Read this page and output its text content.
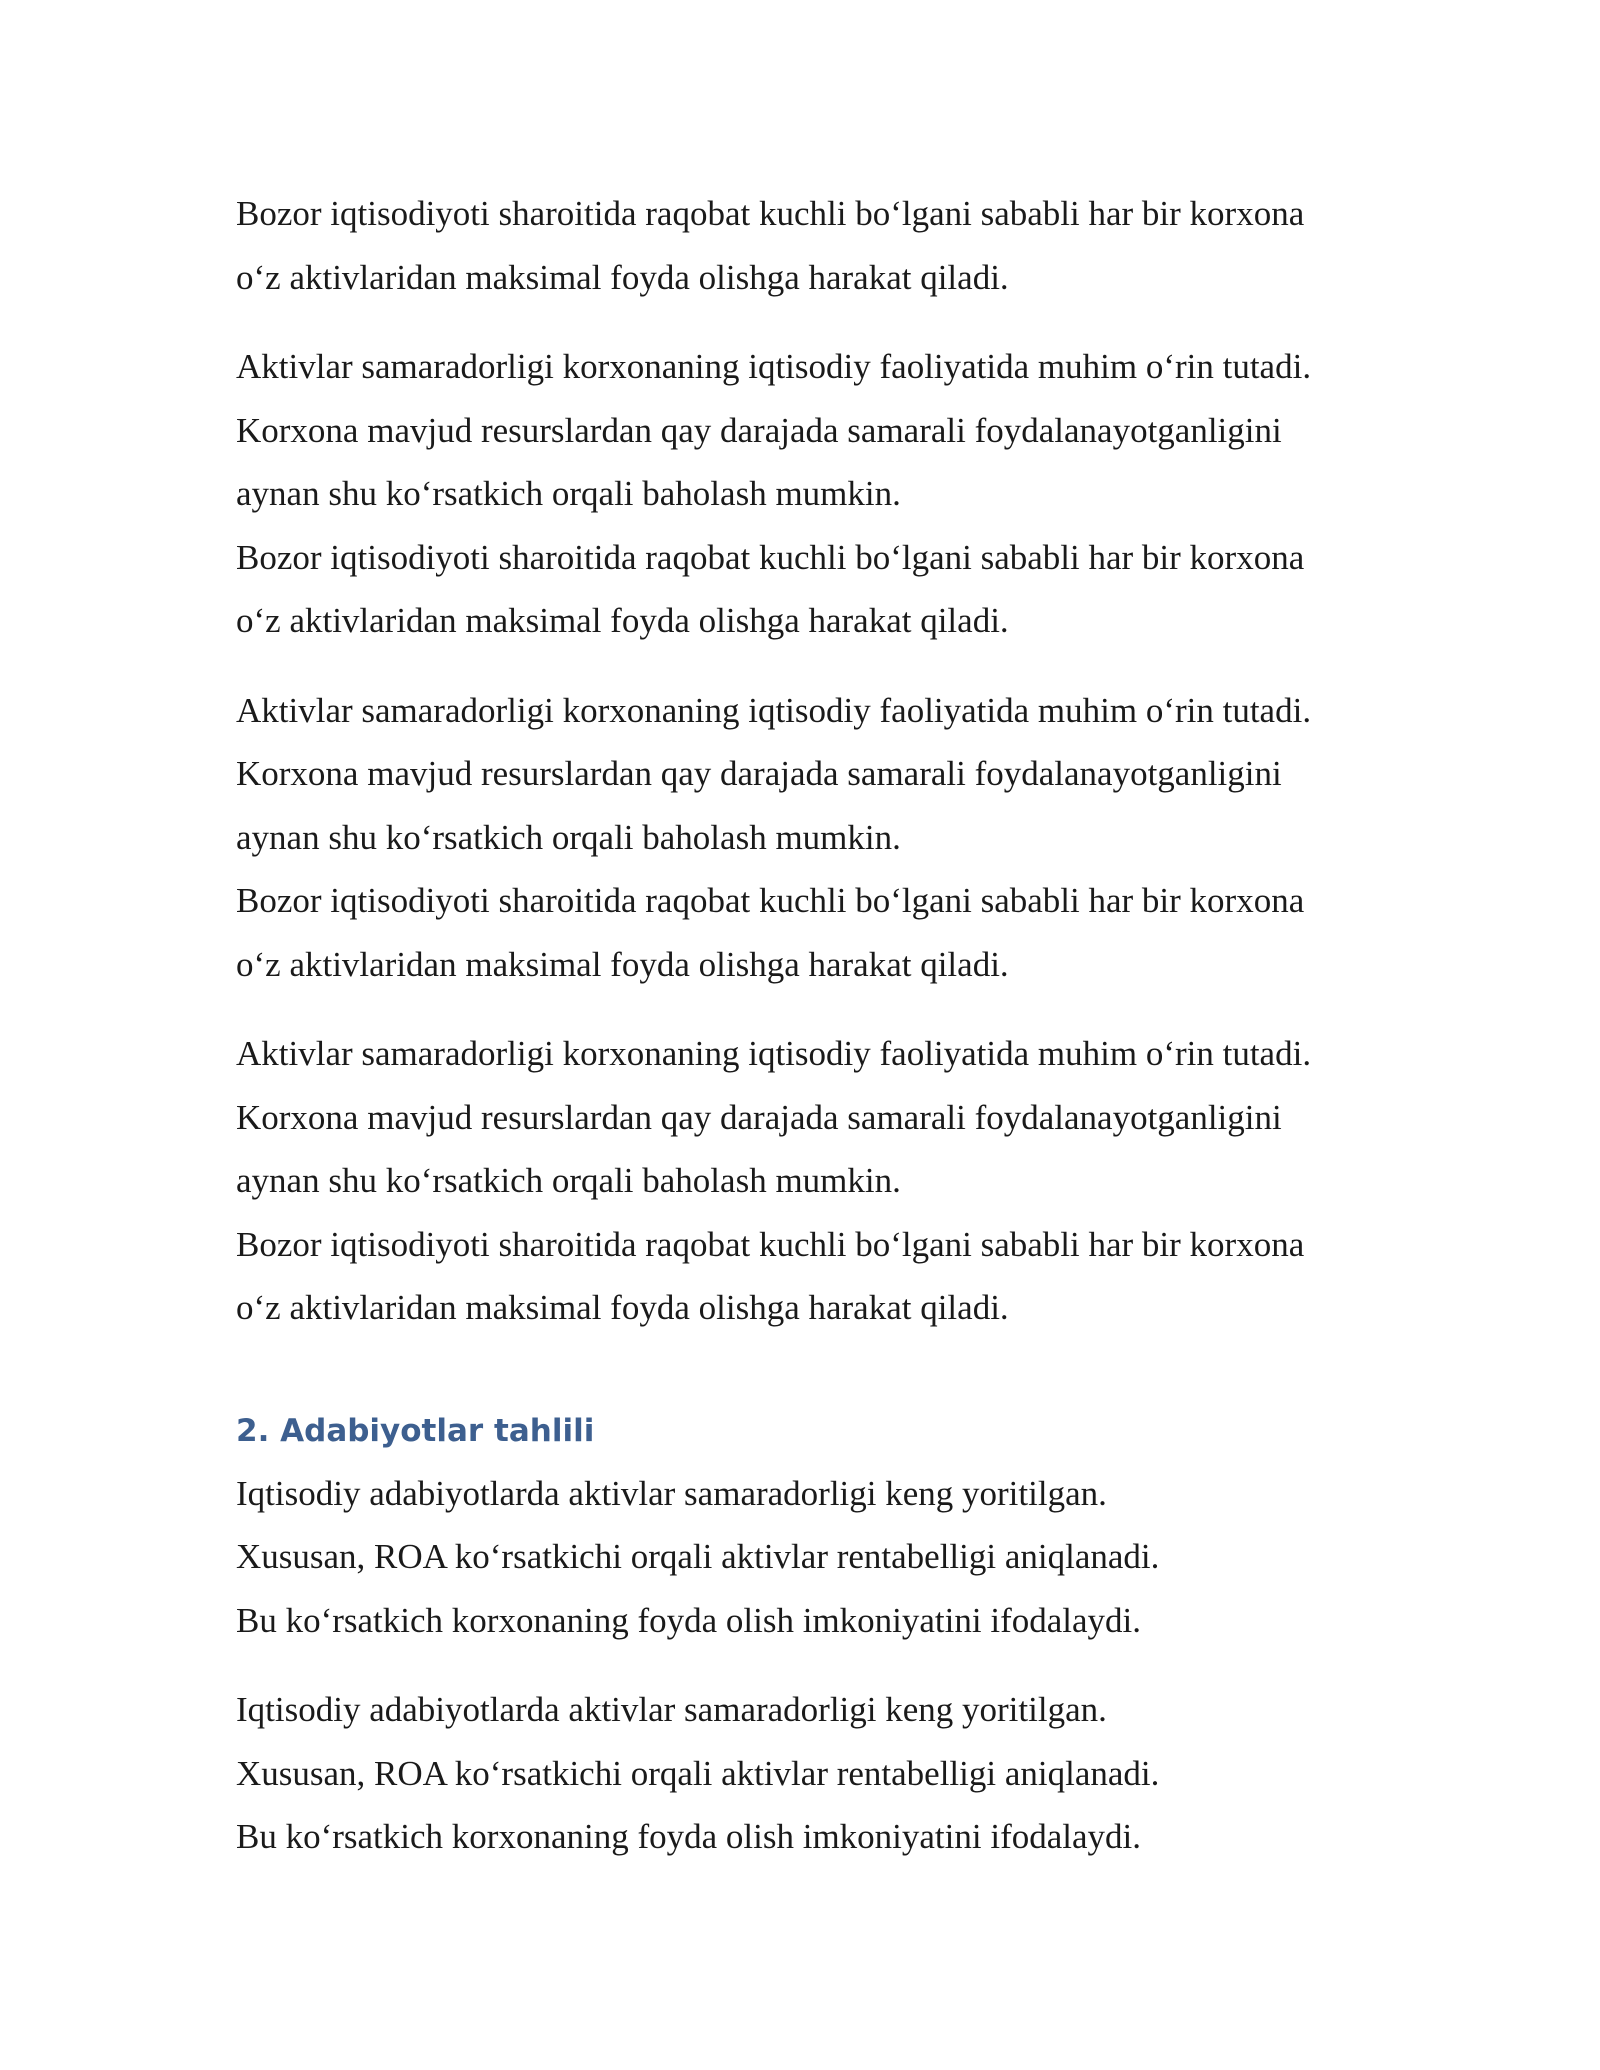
Bozor iqtisodiyoti sharoitida raqobat kuchli bo‘lgani sababli har bir korxona
o‘z aktivlaridan maksimal foyda olishga harakat qiladi.

Aktivlar samaradorligi korxonaning iqtisodiy faoliyatida muhim o‘rin tutadi.
Korxona mavjud resurslardan qay darajada samarali foydalanayotganligini
aynan shu ko‘rsatkich orqali baholash mumkin.

Bozor iqtisodiyoti sharoitida raqobat kuchli bo‘lgani sababli har bir korxona
o‘z aktivlaridan maksimal foyda olishga harakat qiladi.

Aktivlar samaradorligi korxonaning iqtisodiy faoliyatida muhim o‘rin tutadi.
Korxona mavjud resurslardan qay darajada samarali foydalanayotganligini
aynan shu ko‘rsatkich orqali baholash mumkin.

Bozor iqtisodiyoti sharoitida raqobat kuchli bo‘lgani sababli har bir korxona
o‘z aktivlaridan maksimal foyda olishga harakat qiladi.

Aktivlar samaradorligi korxonaning iqtisodiy faoliyatida muhim o‘rin tutadi.
Korxona mavjud resurslardan qay darajada samarali foydalanayotganligini
aynan shu ko‘rsatkich orqali baholash mumkin.

Bozor iqtisodiyoti sharoitida raqobat kuchli bo‘lgani sababli har bir korxona
o‘z aktivlaridan maksimal foyda olishga harakat qiladi.

2. Adabiyotlar tahlili

Iqtisodiy adabiyotlarda aktivlar samaradorligi keng yoritilgan.
Xususan, ROA ko‘rsatkichi orqali aktivlar rentabelligi aniqlanadi.
Bu ko‘rsatkich korxonaning foyda olish imkoniyatini ifodalaydi.

Iqtisodiy adabiyotlarda aktivlar samaradorligi keng yoritilgan.
Xususan, ROA ko‘rsatkichi orqali aktivlar rentabelligi aniqlanadi.
Bu ko‘rsatkich korxonaning foyda olish imkoniyatini ifodalaydi.
